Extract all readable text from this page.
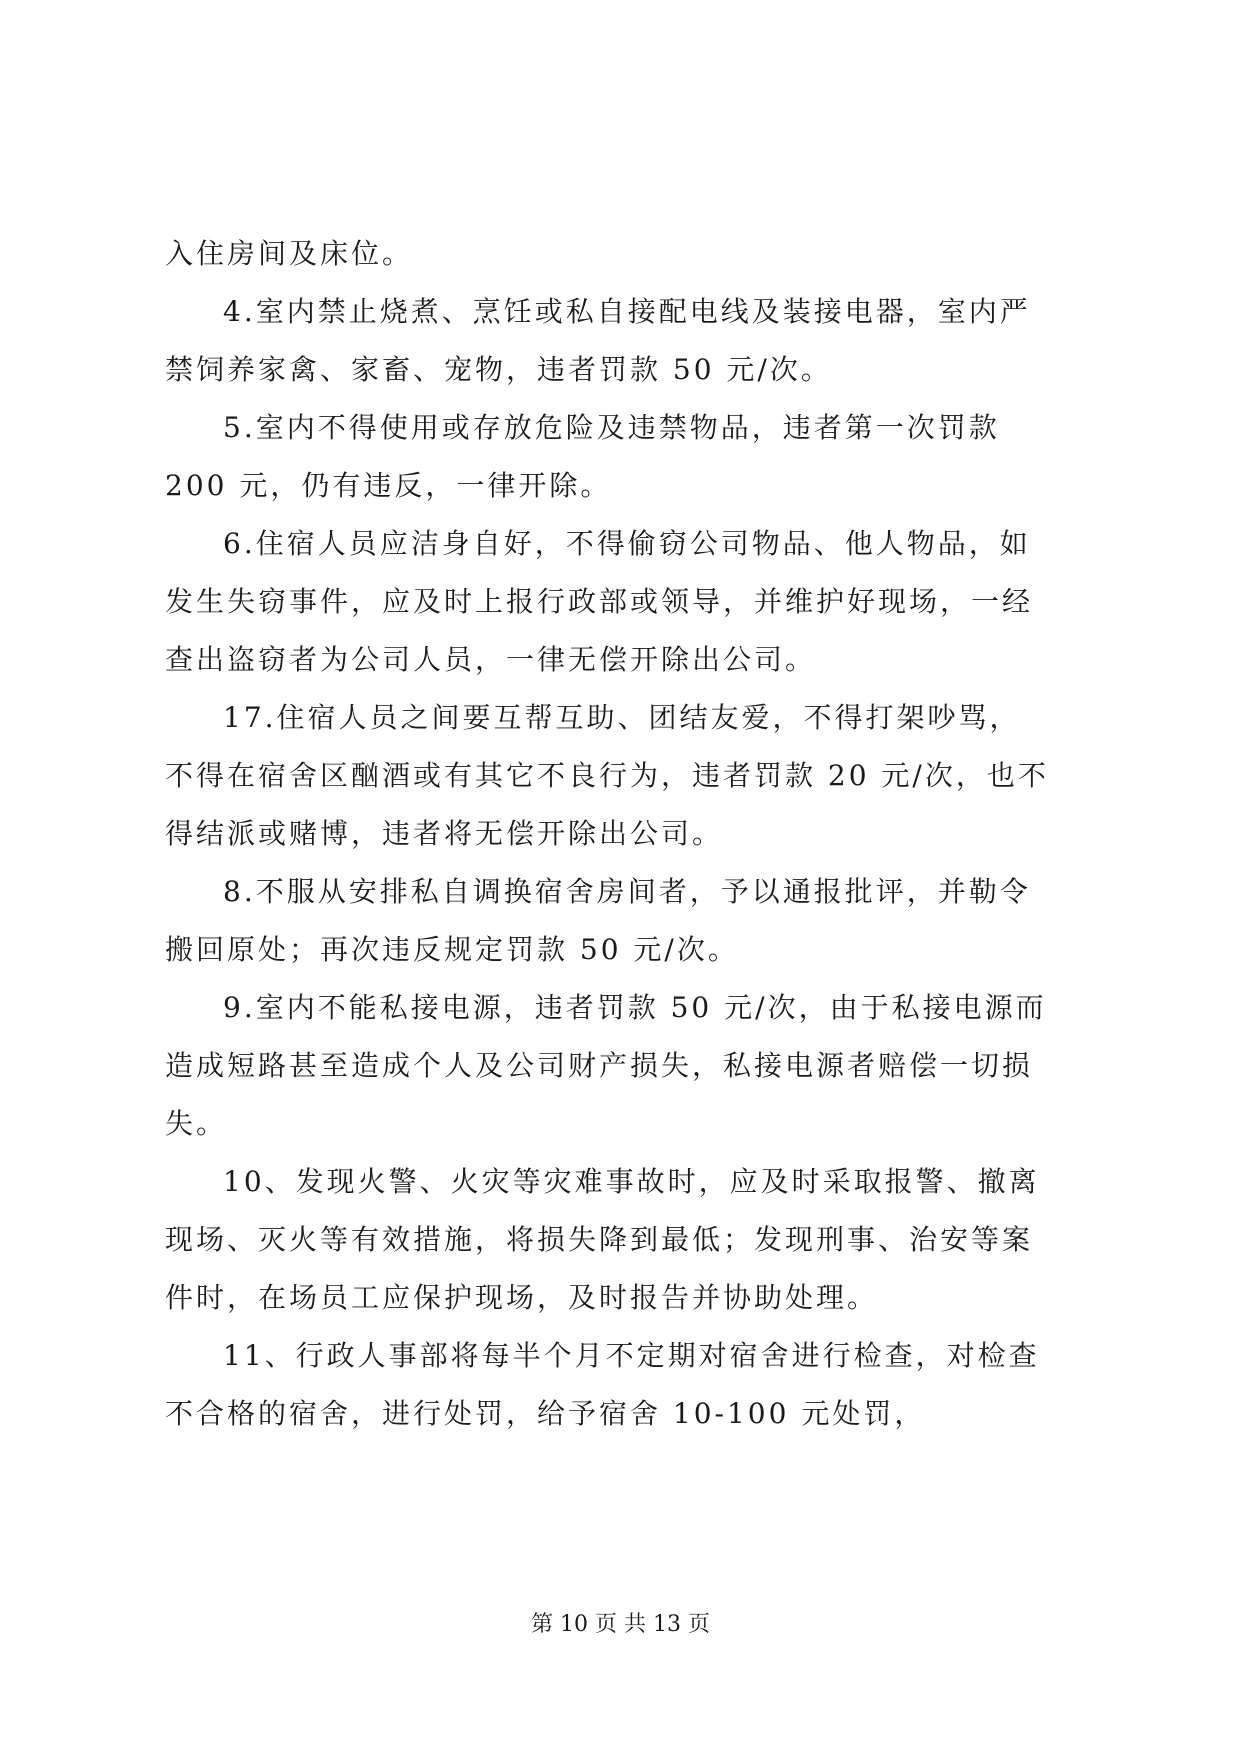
入住房间及床位。
4.室内禁止烧煮、烹饪或私自接配电线及装接电器，室内严
禁饲养家禽、家畜、宠物，违者罚款 50 元/次。
5.室内不得使用或存放危险及违禁物品，违者第一次罚款
200 元，仍有违反，一律开除。
6.住宿人员应洁身自好，不得偷窃公司物品、他人物品，如
发生失窃事件，应及时上报行政部或领导，并维护好现场，一经
查出盗窃者为公司人员，一律无偿开除出公司。
17.住宿人员之间要互帮互助、团结友爱，不得打架吵骂，
不得在宿舍区酗酒或有其它不良行为，违者罚款 20 元/次，也不
得结派或赌博，违者将无偿开除出公司。
8.不服从安排私自调换宿舍房间者，予以通报批评，并勒令
搬回原处；再次违反规定罚款 50 元/次。
9.室内不能私接电源，违者罚款 50 元/次，由于私接电源而
造成短路甚至造成个人及公司财产损失，私接电源者赔偿一切损
失。
10、发现火警、火灾等灾难事故时，应及时采取报警、撤离
现场、灭火等有效措施，将损失降到最低；发现刑事、治安等案
件时，在场员工应保护现场，及时报告并协助处理。
11、行政人事部将每半个月不定期对宿舍进行检查，对检查
不合格的宿舍，进行处罚，给予宿舍 10-100 元处罚，
第 10 页 共 13 页
